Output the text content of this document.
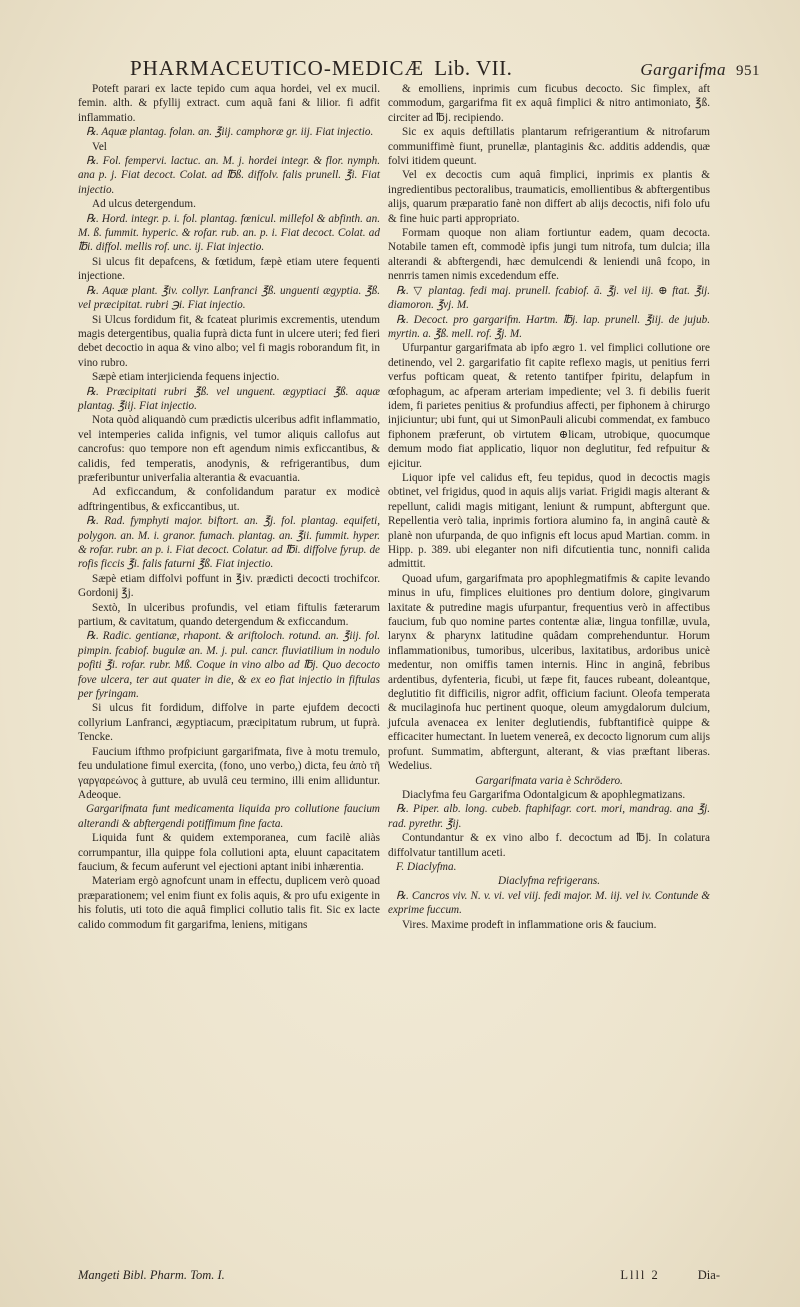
PHARMACEUTICO-MEDICÆ Lib. VII.	Gargarifma 951

Poteft parari ex lacte tepido cum aqua hordei, vel ex mucil. femin. alth. & pfyllij extract. cum aquã fani & lilior. fi adfit inflammatio.

℞. Aquæ plantag. folan. an. ℥iij. camphoræ gr. iij. Fiat injectio.

Vel

℞. Fol. fempervi. lactuc. an. M. j. hordei integr. & flor. nymph. ana p. j. Fiat decoct. Colat. ad ℔ß. diffolv. falis prunell. ℥i. Fiat injectio.

Ad ulcus detergendum.

℞. Hord. integr. p. i. fol. plantag. fœnicul. millefol & abfinth. an. M. ß. fummit. hyperic. & rofar. rub. an. p. i. Fiat decoct. Colat. ad ℔i. diffol. mellis rof. unc. ij. Fiat injectio.

Si ulcus fit depafcens, & fœtidum, fæpè etiam utere fequenti injectione.

℞. Aquæ plant. ℥iv. collyr. Lanfranci ℥ß. unguenti ægyptia. ℥ß. vel præcipitat. rubri ℈i. Fiat injectio.

Si Ulcus fordidum fit, & fcateat plurimis excrementis, utendum magis detergentibus, qualia fuprà dicta funt in ulcere uteri; fed fieri debet decoctio in aqua & vino albo; vel fi magis roborandum fit, in vino rubro.

Sæpè etiam interjicienda fequens injectio.

℞. Præcipitati rubri ℥ß. vel unguent. ægyptiaci ℥ß. aquæ plantag. ℥iij. Fiat injectio.

Nota quòd aliquandò cum prædictis ulceribus adfit inflammatio, vel intemperies calida infignis, vel tumor aliquis callofus aut cancrofus: quo tempore non eft agendum nimis exficcantibus, & calidis, fed temperatis, anodynis, & refrigerantibus, dum præferibuntur univerfalia alterantia & evacuantia.

Ad exficcandum, & confolidandum paratur ex modicè adftringentibus, & exficcantibus, ut.

℞. Rad. fymphyti major. biftort. an. ℥j. fol. plantag. equifeti, polygon. an. M. i. granor. fumach. plantag. an. ℥ii. fummit. hyper. & rofar. rubr. an p. i. Fiat decoct. Colatur. ad ℔i. diffolve fyrup. de rofis ficcis ℥i. falis faturni ℥ß. Fiat injectio.

Sæpè etiam diffolvi poffunt in ℥iv. prædicti decocti trochifcor. Gordonij ℥j.

Sextò, In ulceribus profundis, vel etiam fiftulis fæterarum partium, & cavitatum, quando detergendum & exficcandum.

℞. Radic. gentianæ, rhapont. & ariftoloch. rotund. an. ℥iij. fol. pimpin. fcabiof. bugulæ an. M. j. pul. cancr. fluviatilium in nodulo pofiti ℥i. rofar. rubr. Mß. Coque in vino albo ad ℔j. Quo decocto fove ulcera, ter aut quater in die, & ex eo fiat injectio in fiftulas per fyringam.

Si ulcus fit fordidum, diffolve in parte ejufdem decocti collyrium Lanfranci, ægyptiacum, præcipitatum rubrum, ut fuprà. Tencke.

Faucium ifthmo profpiciunt gargarifmata, five à motu tremulo, feu undulatione fimul exercita, (fono, uno verbo,) dicta, feu ἀπὸ τῆ γαργαρεώνος à gutture, ab uvulâ ceu termino, illi enim alliduntur. Adeoque.

Gargarifmata funt medicamenta liquida pro collutione faucium alterandi & abftergendi potiffimum fine facta.

Liquida funt & quidem extemporanea, cum facilè aliàs corrumpantur, illa quippe fola collutioni apta, eluunt capacitatem faucium, & fecum auferunt vel ejectioni aptant inibi inhærentia.

Materiam ergò agnofcunt unam in effectu, duplicem verò quoad præparationem; vel enim fiunt ex folis aquis, & pro ufu exigente in his folutis, uti toto die aquâ fimplici collutio talis fit. Sic ex lacte calido commodum fit gargarifma, leniens, mitigans

& emolliens, inprimis cum ficubus decocto. Sic fimplex, aft commodum, gargarifma fit ex aquâ fimplici & nitro antimoniato, ℥ß. circiter ad ℔j. recipiendo.

Sic ex aquis deftillatis plantarum refrigerantium & nitrofarum communiffimè fiunt, prunellæ, plantaginis &c. additis addendis, quæ folvi itidem queunt.

Vel ex decoctis cum aquâ fimplici, inprimis ex plantis & ingredientibus pectoralibus, traumaticis, emollientibus & abftergentibus alijs, quarum præparatio fanè non differt ab alijs decoctis, nifi folo ufu & fine huic parti appropriato.

Formam quoque non aliam fortiuntur eadem, quam decocta. Notabile tamen eft, commodè ipfis jungi tum nitrofa, tum dulcia; illa alterandi & abftergendi, hæc demulcendi & leniendi unâ fcopo, in nenrris tamen nimis excedendum effe.

℞. ▽ plantag. fedi maj. prunell. fcabiof. ā. ℥j. vel iij. ⊕ ftat. ℥ij. diamoron. ℥vj. M.

℞. Decoct. pro gargarifm. Hartm. ℔j. lap. prunell. ℥iij. de jujub. myrtin. a. ℥ß. mell. rof. ℥j. M.

Ufurpantur gargarifmata ab ipfo ægro 1. vel fimplici collutione ore detinendo, vel 2. gargarifatio fit capite reflexo magis, ut penitius ferri verfus pofticam queat, & retento tantifper fpiritu, delapfum in œfophagum, ac afperam arteriam impediente; vel 3. fi debilis fuerit idem, fi parietes penitius & profundius affecti, per fiphonem à chirurgo injiciuntur; ubi funt, qui ut SimonPauli alicubi commendat, ex fambuco fiphonem præferunt, ob virtutem ⊕licam, utrobique, quocumque demum modo fiat applicatio, liquor non deglutitur, fed refpuitur & ejicitur.

Liquor ipfe vel calidus eft, feu tepidus, quod in decoctis magis obtinet, vel frigidus, quod in aquis alijs variat. Frigidi magis alterant & repellunt, calidi magis mitigant, leniunt & rumpunt, abftergunt que. Repellentia verò talia, inprimis fortiora alumino fa, in anginâ cautè & planè non ufurpanda, de quo infignis eft locus apud Martian. comm. in Hipp. p. 389. ubi eleganter non nifi difcutientia tunc, nonnifi calida admittit.

Quoad ufum, gargarifmata pro apophlegmatifmis & capite levando minus in ufu, fimplices eluitiones pro dentium dolore, gingivarum laxitate & putredine magis ufurpantur, frequentius verò in affectibus faucium, fub quo nomine partes contentæ aliæ, lingua tonfillæ, uvula, larynx & pharynx latitudine quâdam comprehenduntur. Horum inflammationibus, tumoribus, ulceribus, laxitatibus, ardoribus unicè medentur, non omiffis tamen internis. Hinc in anginâ, febribus ardentibus, dyfenteria, ficubi, ut fæpe fit, fauces rubeant, doleantque, deglutitio fit difficilis, nigror adfit, officium faciunt. Oleofa temperata & mucilaginofa huc pertinent quoque, oleum amygdalorum dulcium, jufcula avenacea ex leniter deglutiendis, fubftantificè quippe & efficaciter humectant. In luetem venereâ, ex decocto lignorum cum alijs profunt. Summatim, abftergunt, alterant, & vias præftant liberas. Wedelius.

Gargarifmata varia è Schrödero.

Diaclyfma feu Gargarifma Odontalgicum & apophlegmatizans.

℞. Piper. alb. long. cubeb. ftaphifagr. cort. mori, mandrag. ana ℥j. rad. pyrethr. ℥ij.

Contundantur & ex vino albo f. decoctum ad ℔j. In colatura diffolvatur tantillum aceti.

F. Diaclyfma.

Diaclyfma refrigerans.

℞. Cancros viv. N. v. vi. vel viij. fedi major. M. iij. vel iv. Contunde & exprime fuccum.

Vires. Maxime prodeft in inflammatione oris & faucium.

Mangeti Bibl. Pharm. Tom. I.	Llll 2	Dia-
